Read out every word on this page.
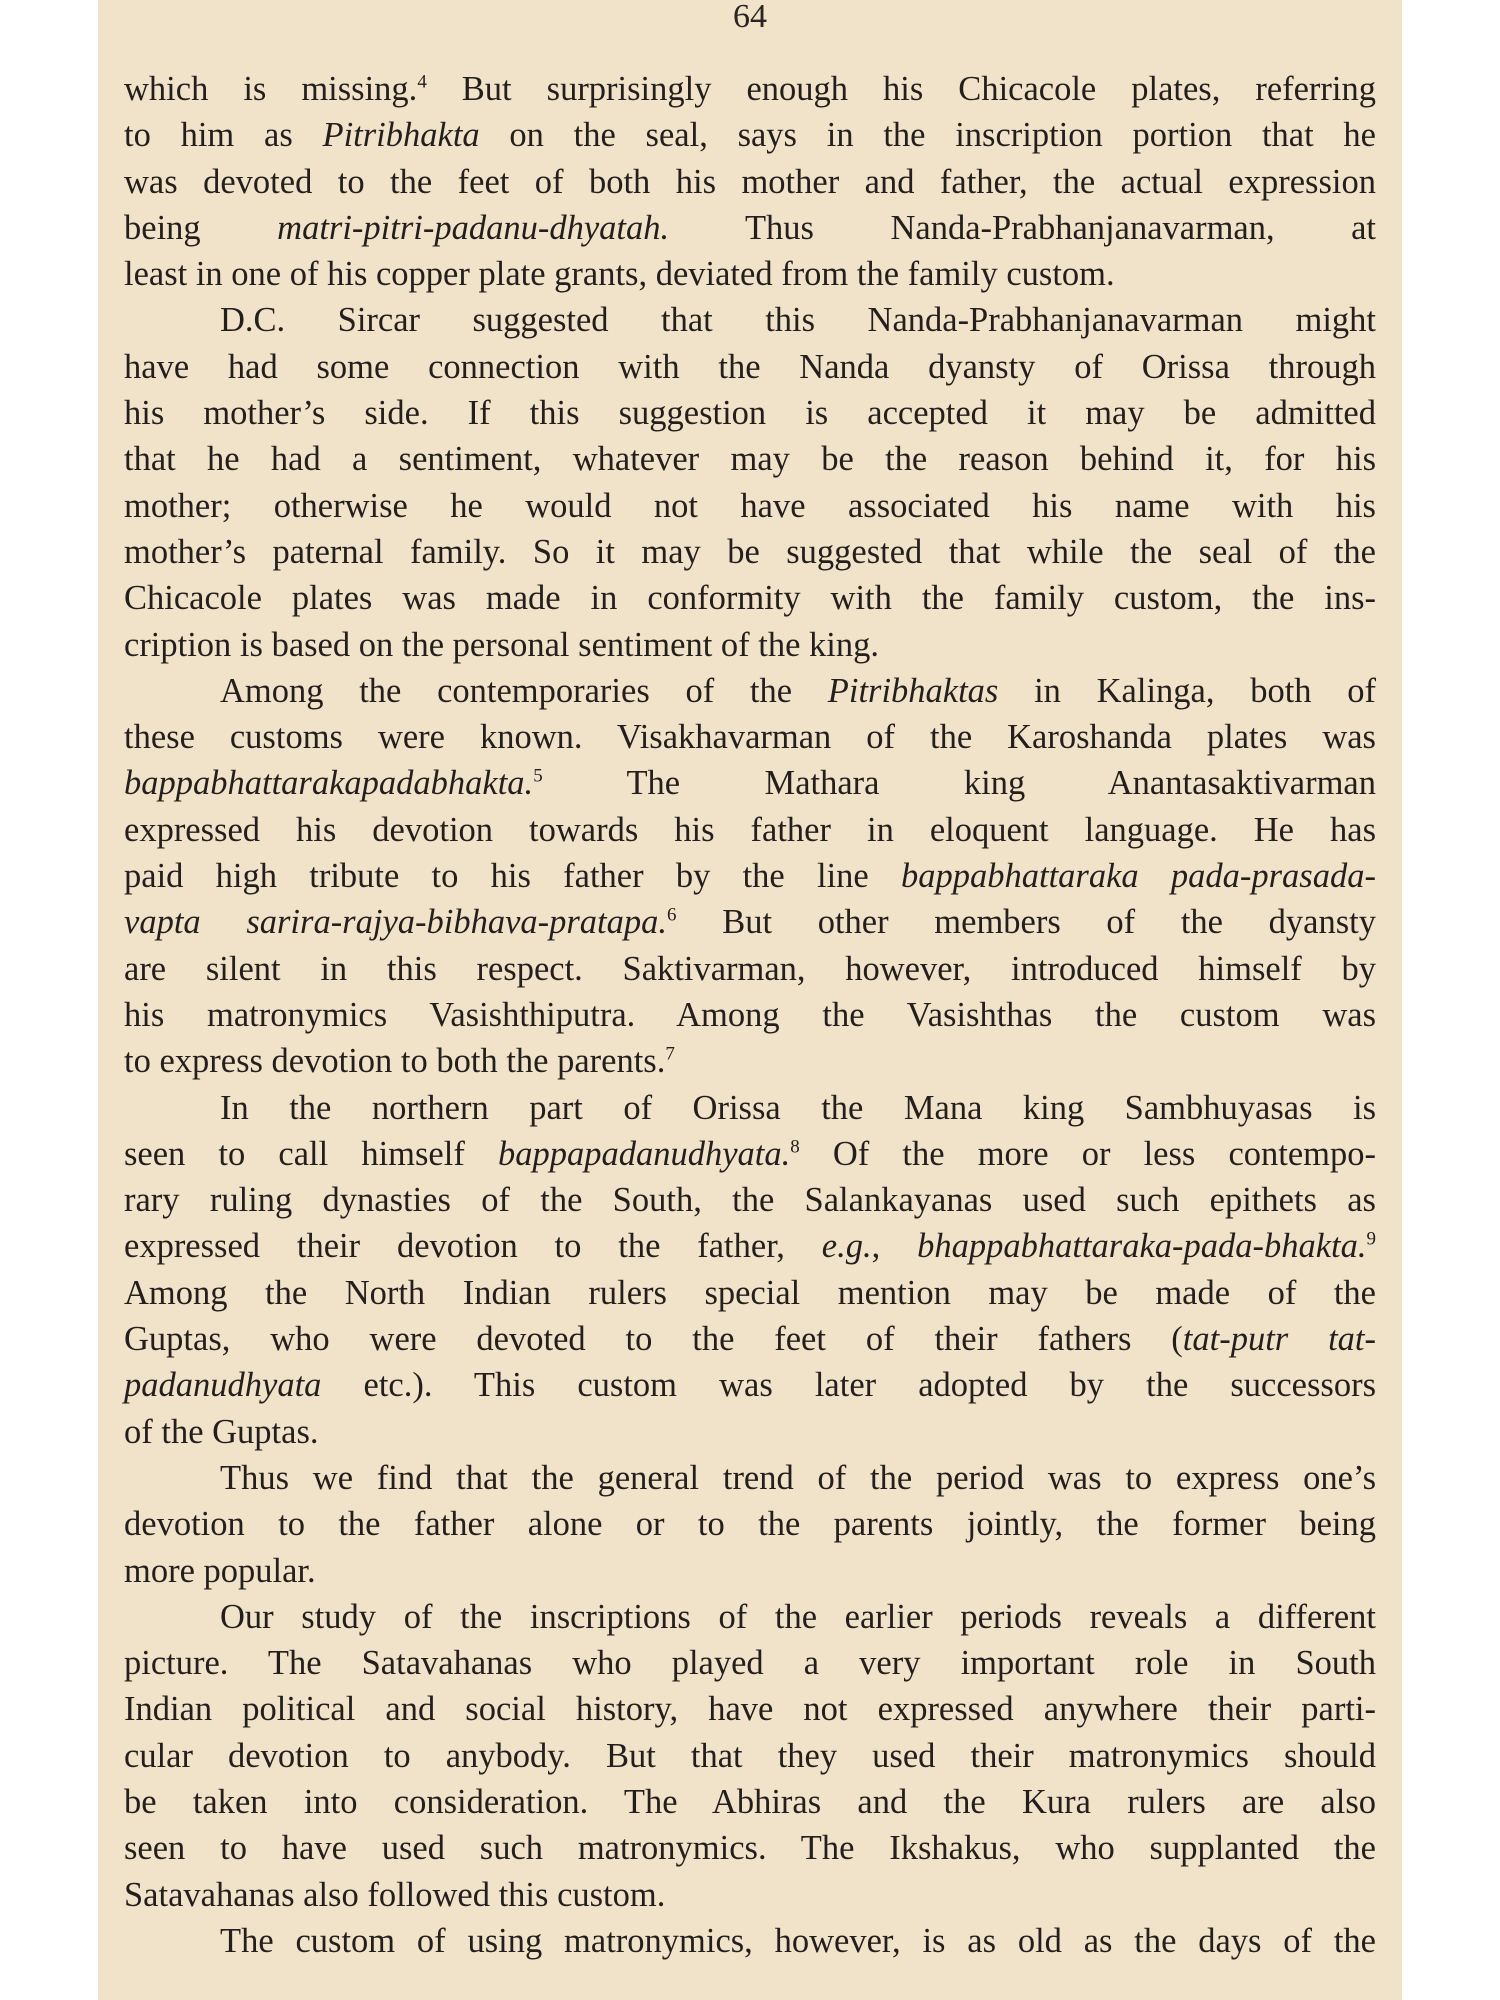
64
which is missing.$^4$ But surprisingly enough his Chicacole plates, referring
to him as Pitribhakta on the seal, says in the inscription portion that he
was devoted to the feet of both his mother and father, the actual expression
being matri-pitri-padanu-dhyatah. Thus Nanda-Prabhanjanavarman, at
least in one of his copper plate grants, deviated from the family custom.
D.C. Sircar suggested that this Nanda-Prabhanjanavarman might
have had some connection with the Nanda dyansty of Orissa through
his mother’s side. If this suggestion is accepted it may be admitted
that he had a sentiment, whatever may be the reason behind it, for his
mother; otherwise he would not have associated his name with his
mother’s paternal family. So it may be suggested that while the seal of the
Chicacole plates was made in conformity with the family custom, the ins-
cription is based on the personal sentiment of the king.
Among the contemporaries of the Pitribhaktas in Kalinga, both of
these customs were known. Visakhavarman of the Karoshanda plates was
bappabhattarakapadabhakta.$^5$ The Mathara king Anantasaktivarman
expressed his devotion towards his father in eloquent language. He has
paid high tribute to his father by the line bappabhattaraka pada-prasada-
vapta sarira-rajya-bibhava-pratapa.$^6$ But other members of the dyansty
are silent in this respect. Saktivarman, however, introduced himself by
his matronymics Vasishthiputra. Among the Vasishthas the custom was
to express devotion to both the parents.$^7$
In the northern part of Orissa the Mana king Sambhuyasas is
seen to call himself bappapadanudhyata.$^8$ Of the more or less contempo-
rary ruling dynasties of the South, the Salankayanas used such epithets as
expressed their devotion to the father, e.g., bhappabhattaraka-pada-bhakta.$^9$
Among the North Indian rulers special mention may be made of the
Guptas, who were devoted to the feet of their fathers (tat-putr tat-
padanudhyata etc.). This custom was later adopted by the successors
of the Guptas.
Thus we find that the general trend of the period was to express one’s
devotion to the father alone or to the parents jointly, the former being
more popular.
Our study of the inscriptions of the earlier periods reveals a different
picture. The Satavahanas who played a very important role in South
Indian political and social history, have not expressed anywhere their parti-
cular devotion to anybody. But that they used their matronymics should
be taken into consideration. The Abhiras and the Kura rulers are also
seen to have used such matronymics. The Ikshakus, who supplanted the
Satavahanas also followed this custom.
The custom of using matronymics, however, is as old as the days of the
